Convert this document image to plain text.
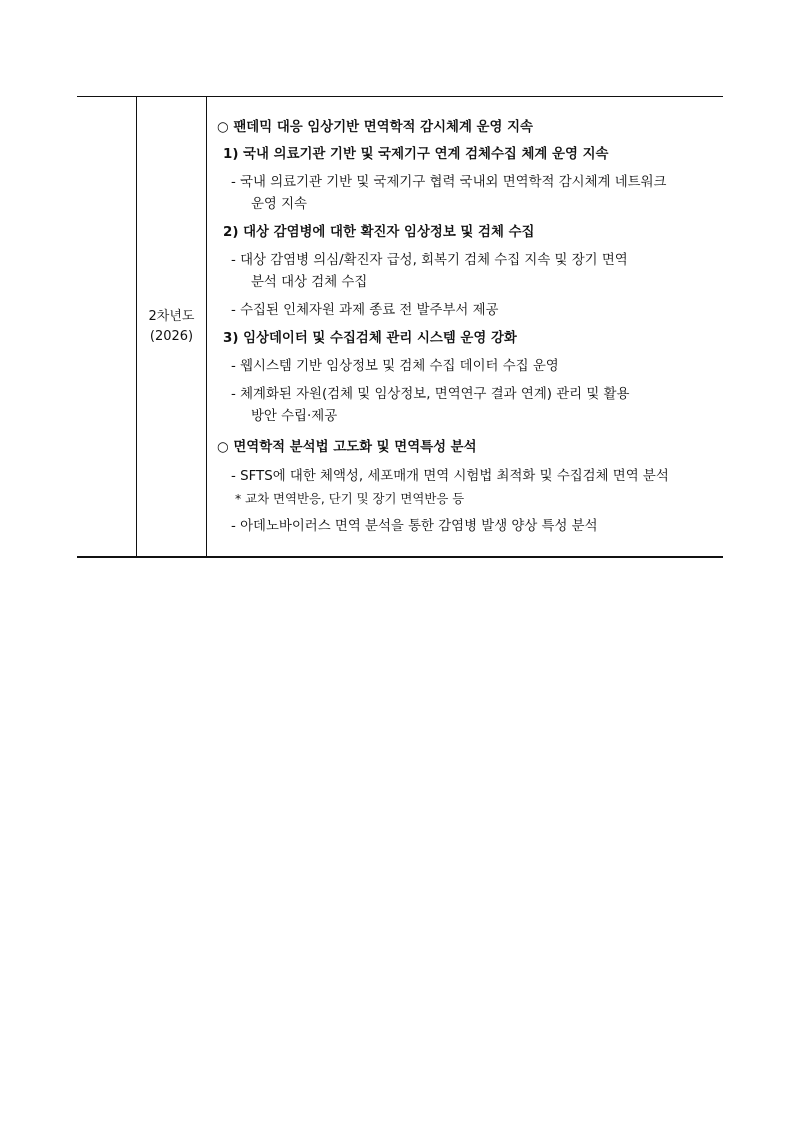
2차년도
(2026)
○ 팬데믹 대응 임상기반 면역학적 감시체계 운영 지속
1) 국내 의료기관 기반 및 국제기구 연계 검체수집 체계 운영 지속
- 국내 의료기관 기반 및 국제기구 협력 국내외 면역학적 감시체계 네트워크
운영 지속
2) 대상 감염병에 대한 확진자 임상정보 및 검체 수집
- 대상 감염병 의심/확진자 급성, 회복기 검체 수집 지속 및 장기 면역
분석 대상 검체 수집
- 수집된 인체자원 과제 종료 전 발주부서 제공
3) 임상데이터 및 수집검체 관리 시스템 운영 강화
- 웹시스템 기반 임상정보 및 검체 수집 데이터 수집 운영
- 체계화된 자원(검체 및 임상정보, 면역연구 결과 연계) 관리 및 활용
방안 수립·제공
○ 면역학적 분석법 고도화 및 면역특성 분석
- SFTS에 대한 체액성, 세포매개 면역 시험법 최적화 및 수집검체 면역 분석
* 교차 면역반응, 단기 및 장기 면역반응 등
- 아데노바이러스 면역 분석을 통한 감염병 발생 양상 특성 분석
